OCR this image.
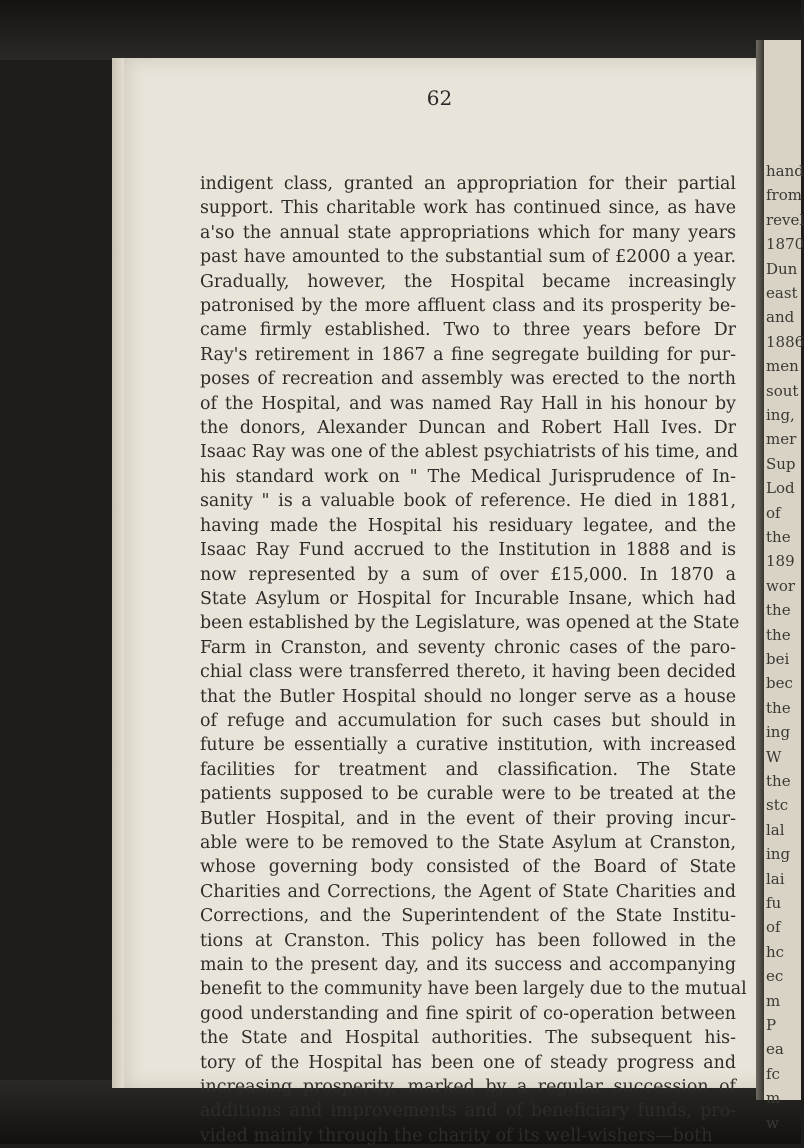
62
indigent class, granted an appropriation for their partial
support. This charitable work has continued since, as have
a'so the annual state appropriations which for many years
past have amounted to the substantial sum of £2000 a year.
Gradually, however, the Hospital became increasingly
patronised by the more affluent class and its prosperity be-
came firmly established. Two to three years before Dr
Ray's retirement in 1867 a fine segregate building for pur-
poses of recreation and assembly was erected to the north
of the Hospital, and was named Ray Hall in his honour by
the donors, Alexander Duncan and Robert Hall Ives. Dr
Isaac Ray was one of the ablest psychiatrists of his time, and
his standard work on " The Medical Jurisprudence of In-
sanity " is a valuable book of reference. He died in 1881,
having made the Hospital his residuary legatee, and the
Isaac Ray Fund accrued to the Institution in 1888 and is
now represented by a sum of over £15,000. In 1870 a
State Asylum or Hospital for Incurable Insane, which had
been established by the Legislature, was opened at the State
Farm in Cranston, and seventy chronic cases of the paro-
chial class were transferred thereto, it having been decided
that the Butler Hospital should no longer serve as a house
of refuge and accumulation for such cases but should in
future be essentially a curative institution, with increased
facilities for treatment and classification. The State
patients supposed to be curable were to be treated at the
Butler Hospital, and in the event of their proving incur-
able were to be removed to the State Asylum at Cranston,
whose governing body consisted of the Board of State
Charities and Corrections, the Agent of State Charities and
Corrections, and the Superintendent of the State Institu-
tions at Cranston. This policy has been followed in the
main to the present day, and its success and accompanying
benefit to the community have been largely due to the mutual
good understanding and fine spirit of co-operation between
the State and Hospital authorities. The subsequent his-
tory of the Hospital has been one of steady progress and
increasing prosperity, marked by a regular succession of
additions and improvements and of beneficiary funds, pro-
vided mainly through the charity of its well-wishers—both
hand
from
revel
1870
Dun
east
and
1886
men
sout
ing,
mer
Sup
Lod
of
the
189
wor
the
the
bei
bec
the
ing
W
the
stc
lal
ing
lai
fu
of
hc
ec
m
P
ea
fc
m
w
